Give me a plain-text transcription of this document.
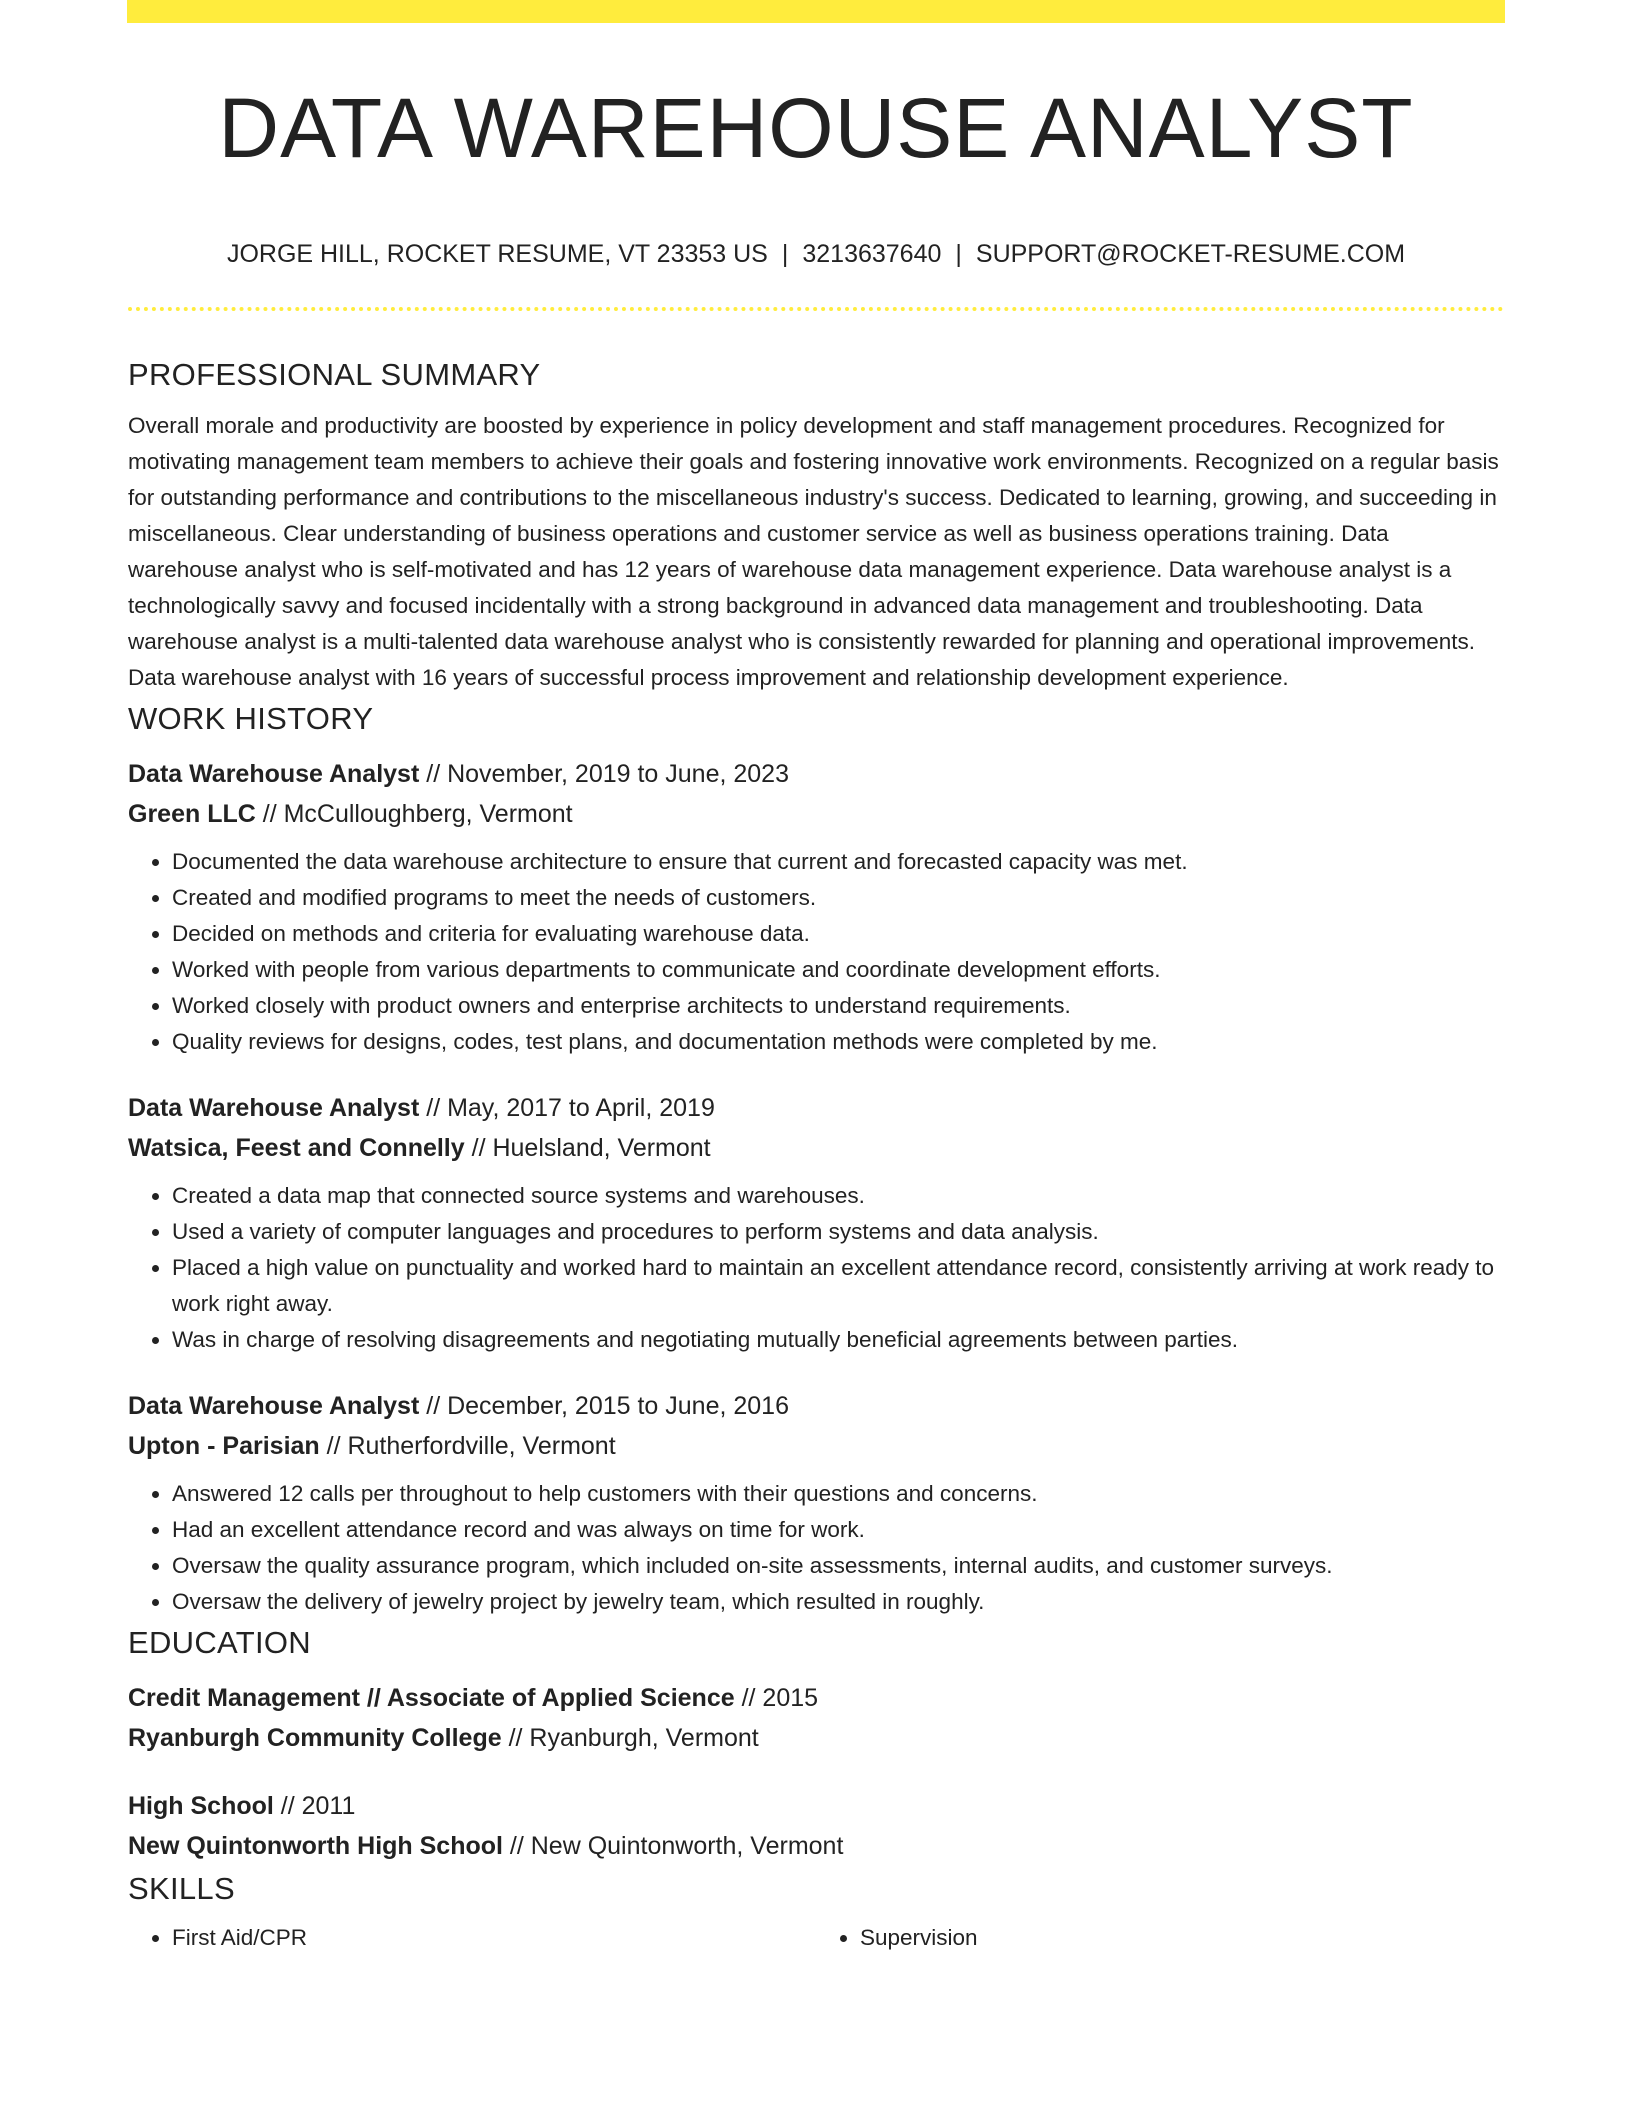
DATA WAREHOUSE ANALYST
JORGE HILL, ROCKET RESUME, VT 23353 US | 3213637640 | SUPPORT@ROCKET-RESUME.COM
PROFESSIONAL SUMMARY

Overall morale and productivity are boosted by experience in policy development and staff management procedures. Recognized for motivating management team members to achieve their goals and fostering innovative work environments. Recognized on a regular basis for outstanding performance and contributions to the miscellaneous industry's success. Dedicated to learning, growing, and succeeding in miscellaneous. Clear understanding of business operations and customer service as well as business operations training. Data warehouse analyst who is self-motivated and has 12 years of warehouse data management experience. Data warehouse analyst is a technologically savvy and focused incidentally with a strong background in advanced data management and troubleshooting. Data warehouse analyst is a multi-talented data warehouse analyst who is consistently rewarded for planning and operational improvements. Data warehouse analyst with 16 years of successful process improvement and relationship development experience.

WORK HISTORY

Data Warehouse Analyst // November, 2019 to June, 2023

Green LLC // McCulloughberg, Vermont

• Documented the data warehouse architecture to ensure that current and forecasted capacity was met.
• Created and modified programs to meet the needs of customers.
• Decided on methods and criteria for evaluating warehouse data.
• Worked with people from various departments to communicate and coordinate development efforts.
• Worked closely with product owners and enterprise architects to understand requirements.
• Quality reviews for designs, codes, test plans, and documentation methods were completed by me.

Data Warehouse Analyst // May, 2017 to April, 2019

Watsica, Feest and Connelly // Huelsland, Vermont

• Created a data map that connected source systems and warehouses.
• Used a variety of computer languages and procedures to perform systems and data analysis.
• Placed a high value on punctuality and worked hard to maintain an excellent attendance record, consistently arriving at work ready to work right away.
• Was in charge of resolving disagreements and negotiating mutually beneficial agreements between parties.

Data Warehouse Analyst // December, 2015 to June, 2016

Upton - Parisian // Rutherfordville, Vermont

• Answered 12 calls per throughout to help customers with their questions and concerns.
• Had an excellent attendance record and was always on time for work.
• Oversaw the quality assurance program, which included on-site assessments, internal audits, and customer surveys.
• Oversaw the delivery of jewelry project by jewelry team, which resulted in roughly.
EDUCATION

Credit Management // Associate of Applied Science // 2015

Ryanburgh Community College // Ryanburgh, Vermont

High School // 2011

New Quintonworth High School // New Quintonworth, Vermont

SKILLS
• First Aid/CPR
•	Supervision
